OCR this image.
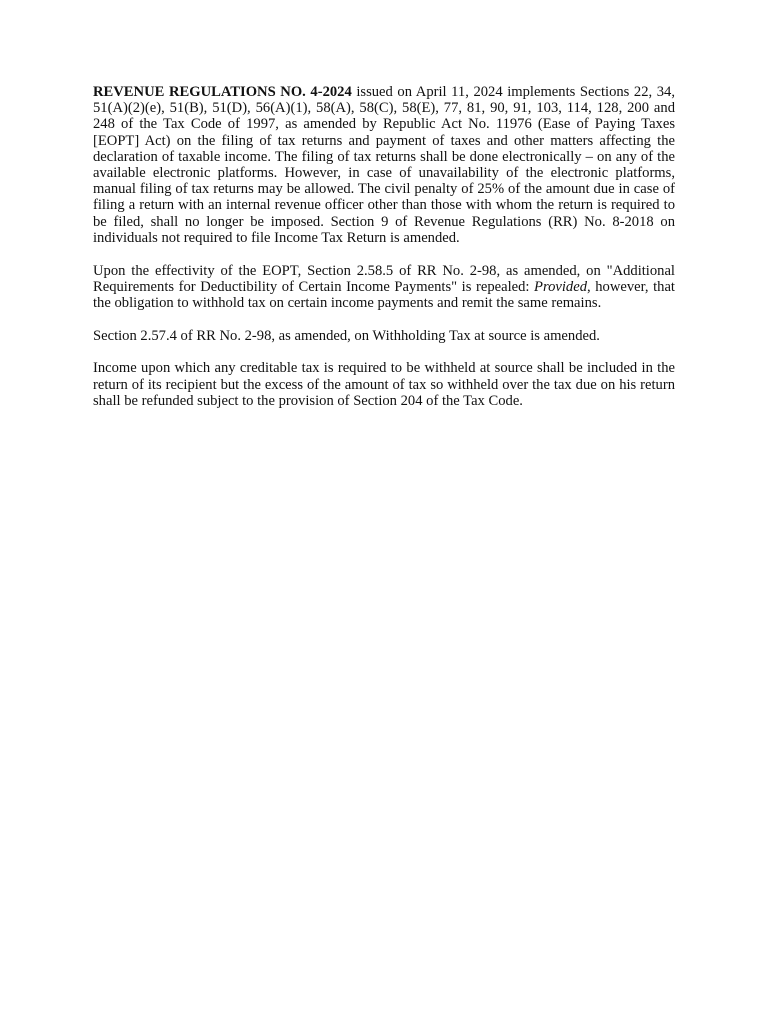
REVENUE REGULATIONS NO. 4-2024 issued on April 11, 2024 implements Sections 22, 34, 51(A)(2)(e), 51(B), 51(D), 56(A)(1), 58(A), 58(C), 58(E), 77, 81, 90, 91, 103, 114, 128, 200 and 248 of the Tax Code of 1997, as amended by Republic Act No. 11976 (Ease of Paying Taxes [EOPT] Act) on the filing of tax returns and payment of taxes and other matters affecting the declaration of taxable income. The filing of tax returns shall be done electronically – on any of the available electronic platforms. However, in case of unavailability of the electronic platforms, manual filing of tax returns may be allowed. The civil penalty of 25% of the amount due in case of filing a return with an internal revenue officer other than those with whom the return is required to be filed, shall no longer be imposed. Section 9 of Revenue Regulations (RR) No. 8-2018 on individuals not required to file Income Tax Return is amended.

Upon the effectivity of the EOPT, Section 2.58.5 of RR No. 2-98, as amended, on "Additional Requirements for Deductibility of Certain Income Payments" is repealed: Provided, however, that the obligation to withhold tax on certain income payments and remit the same remains.

Section 2.57.4 of RR No. 2-98, as amended, on Withholding Tax at source is amended.

Income upon which any creditable tax is required to be withheld at source shall be included in the return of its recipient but the excess of the amount of tax so withheld over the tax due on his return shall be refunded subject to the provision of Section 204 of the Tax Code.
